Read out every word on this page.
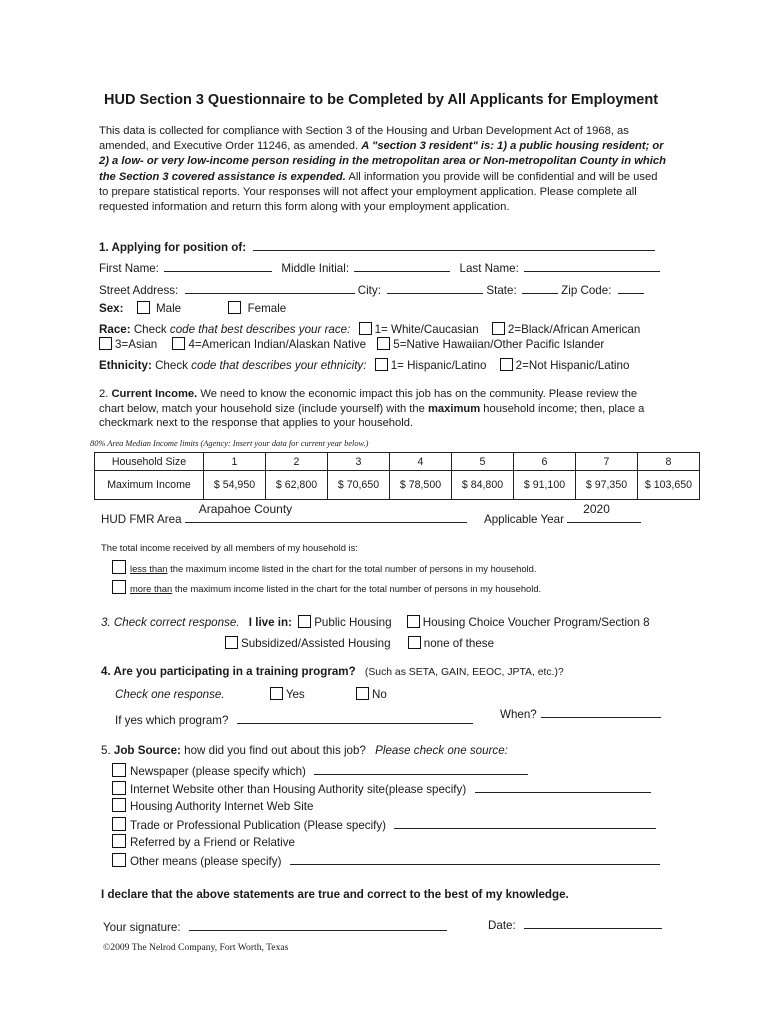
HUD Section 3 Questionnaire to be Completed by All Applicants for Employment
This data is collected for compliance with Section 3 of the Housing and Urban Development Act of 1968, as amended, and Executive Order 11246, as amended. A "section 3 resident" is: 1) a public housing resident; or 2) a low- or very low-income person residing in the metropolitan area or Non-metropolitan County in which the Section 3 covered assistance is expended. All information you provide will be confidential and will be used to prepare statistical reports. Your responses will not affect your employment application. Please complete all requested information and return this form along with your employment application.
1. Applying for position of:
First Name:	Middle Initial:	Last Name:
Street Address:	City:	State:	Zip Code:
Sex:	Male	Female
Race: Check code that best describes your race: 1= White/Caucasian	2=Black/African American
3=Asian	4=American Indian/Alaskan Native 5=Native Hawaiian/Other Pacific Islander
Ethnicity: Check code that describes your ethnicity: 1= Hispanic/Latino	2=Not Hispanic/Latino
2. Current Income. We need to know the economic impact this job has on the community. Please review the chart below, match your household size (include yourself) with the maximum household income; then, place a checkmark next to the response that applies to your household.
80% Area Median Income limits (Agency: Insert your data for current year below.)
Household Size	1	2	3	4	5	6	7	8
Maximum Income	$ 54,950	$ 62,800	$ 70,650	$ 78,500	$ 84,800	$ 91,100	$ 97,350	$ 103,650
HUD FMR Area
Arapahoe County
Applicable Year
2020
The total income received by all members of my household is:
less than the maximum income listed in the chart for the total number of persons in my household.
more than the maximum income listed in the chart for the total number of persons in my household.
3. Check correct response. I live in: Public Housing	Housing Choice Voucher Program/Section 8
Subsidized/Assisted Housing	none of these
4. Are you participating in a training program? (Such as SETA, GAIN, EEOC, JPTA, etc.)?
Check one response.	Yes	No
If yes which program?	When?
5. Job Source: how did you find out about this job? Please check one source:
Newspaper (please specify which)
Internet Website other than Housing Authority site(please specify)
Housing Authority Internet Web Site
Trade or Professional Publication (Please specify)
Referred by a Friend or Relative
Other means (please specify)
I declare that the above statements are true and correct to the best of my knowledge.
Your signature:	Date:
©2009 The Nelrod Company, Fort Worth, Texas
